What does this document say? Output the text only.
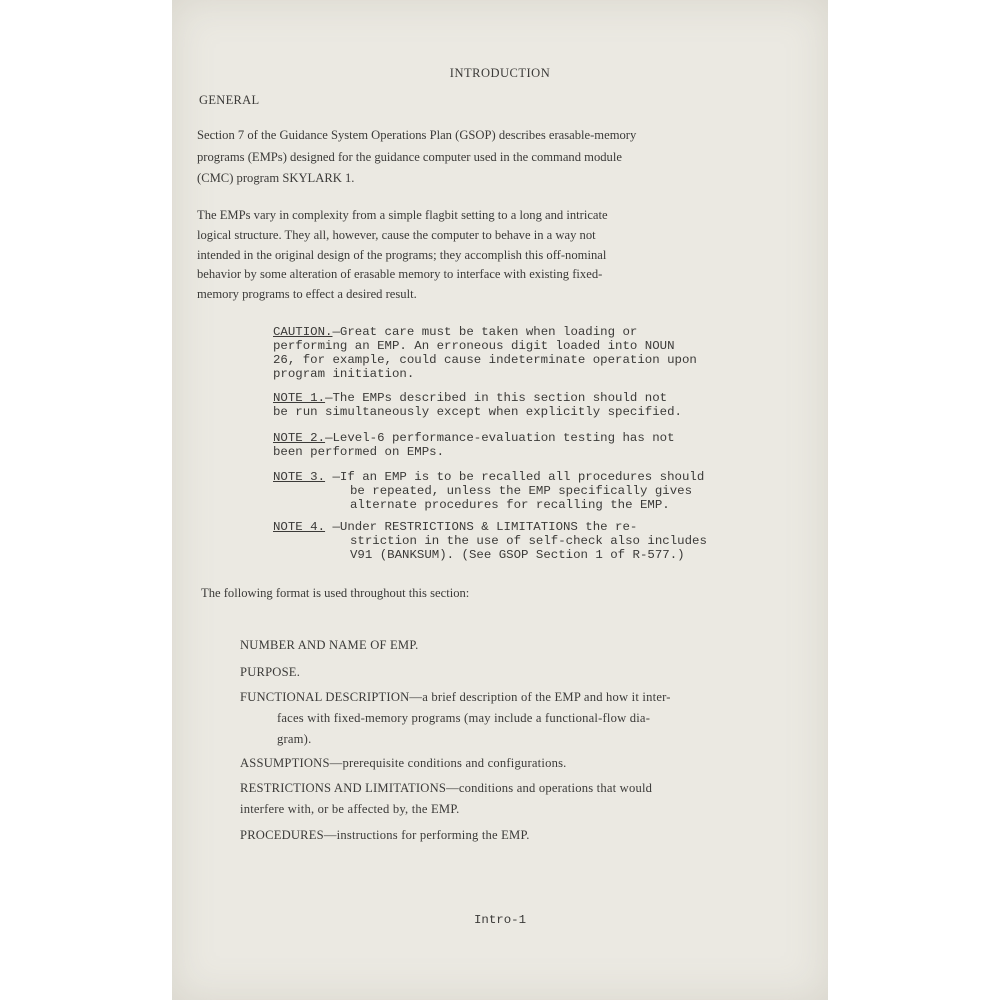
INTRODUCTION
GENERAL
Section 7 of the Guidance System Operations Plan (GSOP) describes erasable-memory
programs (EMPs) designed for the guidance computer used in the command module
(CMC) program SKYLARK 1.
The EMPs vary in complexity from a simple flagbit setting to a long and intricate
logical structure. They all, however, cause the computer to behave in a way not
intended in the original design of the programs; they accomplish this off-nominal
behavior by some alteration of erasable memory to interface with existing fixed-
memory programs to effect a desired result.
CAUTION.—Great care must be taken when loading or
performing an EMP. An erroneous digit loaded into NOUN
26, for example, could cause indeterminate operation upon
program initiation.
NOTE 1.—The EMPs described in this section should not
be run simultaneously except when explicitly specified.
NOTE 2.—Level-6 performance-evaluation testing has not
been performed on EMPs.
NOTE 3. —If an EMP is to be recalled all procedures should
be repeated, unless the EMP specifically gives
alternate procedures for recalling the EMP.
NOTE 4. —Under RESTRICTIONS & LIMITATIONS the re-
striction in the use of self-check also includes
V91 (BANKSUM). (See GSOP Section 1 of R-577.)
The following format is used throughout this section:
NUMBER AND NAME OF EMP.
PURPOSE.
FUNCTIONAL DESCRIPTION—a brief description of the EMP and how it inter-
faces with fixed-memory programs (may include a functional-flow dia-
gram).
ASSUMPTIONS—prerequisite conditions and configurations.
RESTRICTIONS AND LIMITATIONS—conditions and operations that would
interfere with, or be affected by, the EMP.
PROCEDURES—instructions for performing the EMP.
Intro-1
